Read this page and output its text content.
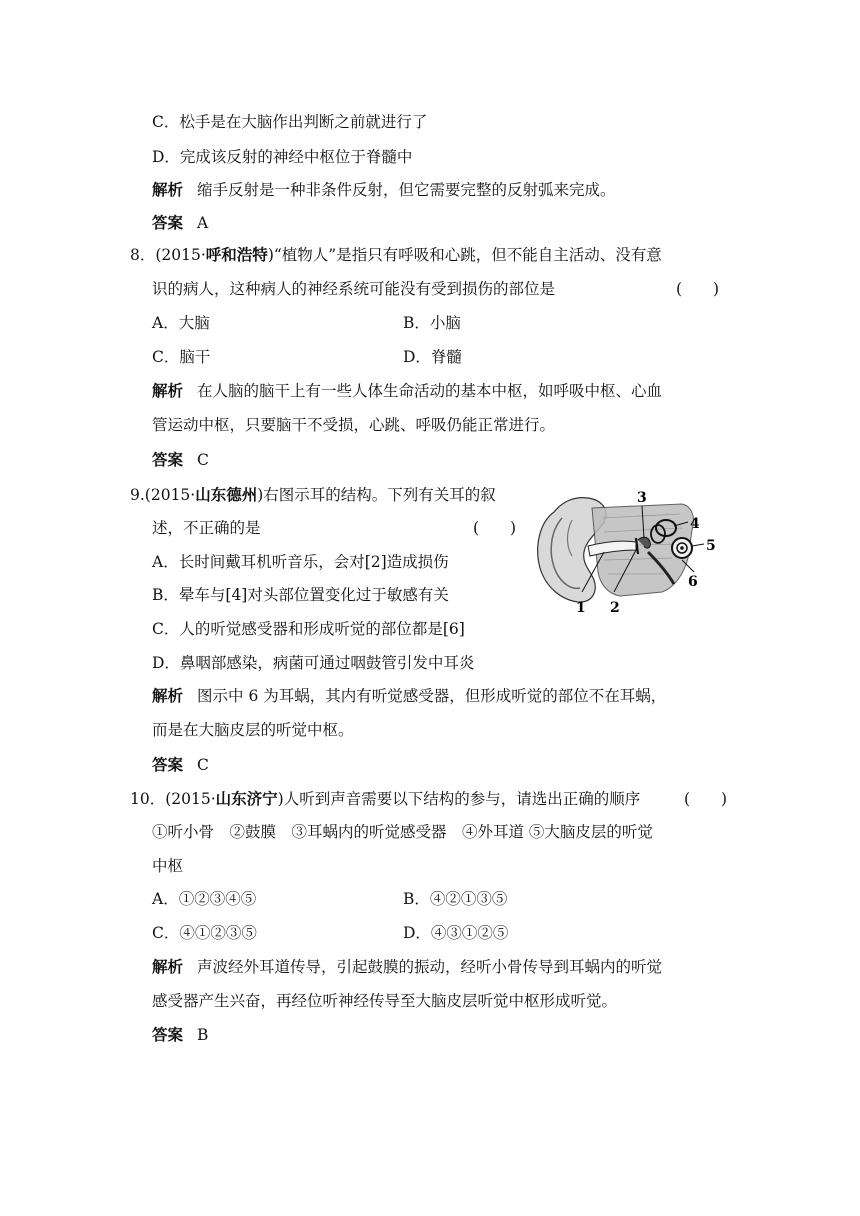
C．松手是在大脑作出判断之前就进行了
D．完成该反射的神经中枢位于脊髓中
解析 缩手反射是一种非条件反射，但它需要完整的反射弧来完成。
答案 A
8．(2015·呼和浩特)“植物人”是指只有呼吸和心跳，但不能自主活动、没有意
识的病人，这种病人的神经系统可能没有受到损伤的部位是	(　　)
A．大脑	B．小脑
C．脑干	D．脊髓
解析 在人脑的脑干上有一些人体生命活动的基本中枢，如呼吸中枢、心血
管运动中枢，只要脑干不受损，心跳、呼吸仍能正常进行。
答案 C
9.(2015·山东德州)右图示耳的结构。下列有关耳的叙
述，不正确的是	(　　)
A．长时间戴耳机听音乐，会对[2]造成损伤
B．晕车与[4]对头部位置变化过于敏感有关
C．人的听觉感受器和形成听觉的部位都是[6]
D．鼻咽部感染，病菌可通过咽鼓管引发中耳炎
1 2
3
4
5
6
解析 图示中 6 为耳蜗，其内有听觉感受器，但形成听觉的部位不在耳蜗，
而是在大脑皮层的听觉中枢。
答案 C
10．(2015·山东济宁)人听到声音需要以下结构的参与，请选出正确的顺序	(　　)
①听小骨　②鼓膜　③耳蜗内的听觉感受器　④外耳道 ⑤大脑皮层的听觉
中枢
A．①②③④⑤	B．④②①③⑤
C．④①②③⑤	D．④③①②⑤
解析 声波经外耳道传导，引起鼓膜的振动，经听小骨传导到耳蜗内的听觉
感受器产生兴奋，再经位听神经传导至大脑皮层听觉中枢形成听觉。
答案 B
